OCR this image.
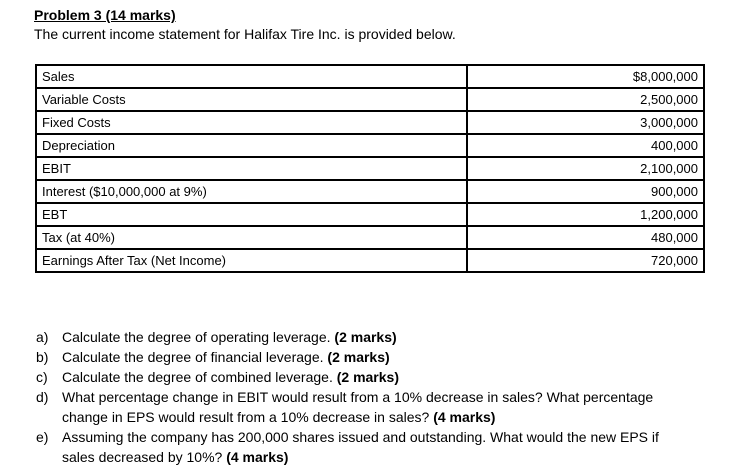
Problem 3 (14 marks)
The current income statement for Halifax Tire Inc. is provided below.
Sales	$8,000,000
Variable Costs	2,500,000
Fixed Costs	3,000,000
Depreciation	400,000
EBIT	2,100,000
Interest ($10,000,000 at 9%)	900,000
EBT	1,200,000
Tax (at 40%)	480,000
Earnings After Tax (Net Income)	720,000
a) Calculate the degree of operating leverage. (2 marks)
b) Calculate the degree of financial leverage. (2 marks)
c) Calculate the degree of combined leverage. (2 marks)
d) What percentage change in EBIT would result from a 10% decrease in sales? What percentage change in EPS would result from a 10% decrease in sales? (4 marks)
e) Assuming the company has 200,000 shares issued and outstanding. What would the new EPS if sales decreased by 10%? (4 marks)
